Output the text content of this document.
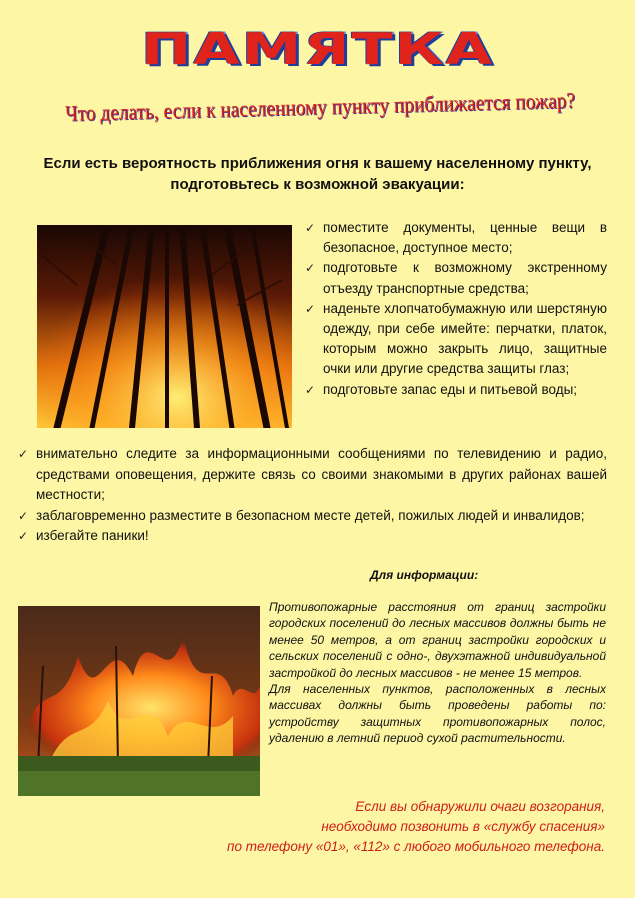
ПАМЯТКА
Что делать, если к населенному пункту приближается пожар?
Если есть вероятность приближения огня к вашему населенному пункту, подготовьтесь к возможной эвакуации:
✓ поместите документы, ценные вещи в безопасное, доступное место;
✓ подготовьте к возможному экстренному отъезду транспортные средства;
✓ наденьте хлопчатобумажную или шерстяную одежду, при себе имейте: перчатки, платок, которым можно закрыть лицо, защитные очки или другие средства защиты глаз;
✓ подготовьте запас еды и питьевой воды;
✓ внимательно следите за информационными сообщениями по телевидению и радио, средствами оповещения, держите связь со своими знакомыми в других районах вашей местности;
✓ заблаговременно разместите в безопасном месте детей, пожилых людей и инвалидов;
✓ избегайте паники!
Для информации:

Противопожарные расстояния от границ застройки городских поселений до лесных массивов должны быть не менее 50 метров, а от границ застройки городских и сельских поселений с одно-, двухэтажной индивидуальной застройкой до лесных массивов - не менее 15 метров.

Для населенных пунктов, расположенных в лесных массивах должны быть проведены работы по: устройству защитных противопожарных полос, удалению в летний период сухой растительности.

Если вы обнаружили очаги возгорания,
необходимо позвонить в «службу спасения»
по телефону «01», «112» с любого мобильного телефона.
